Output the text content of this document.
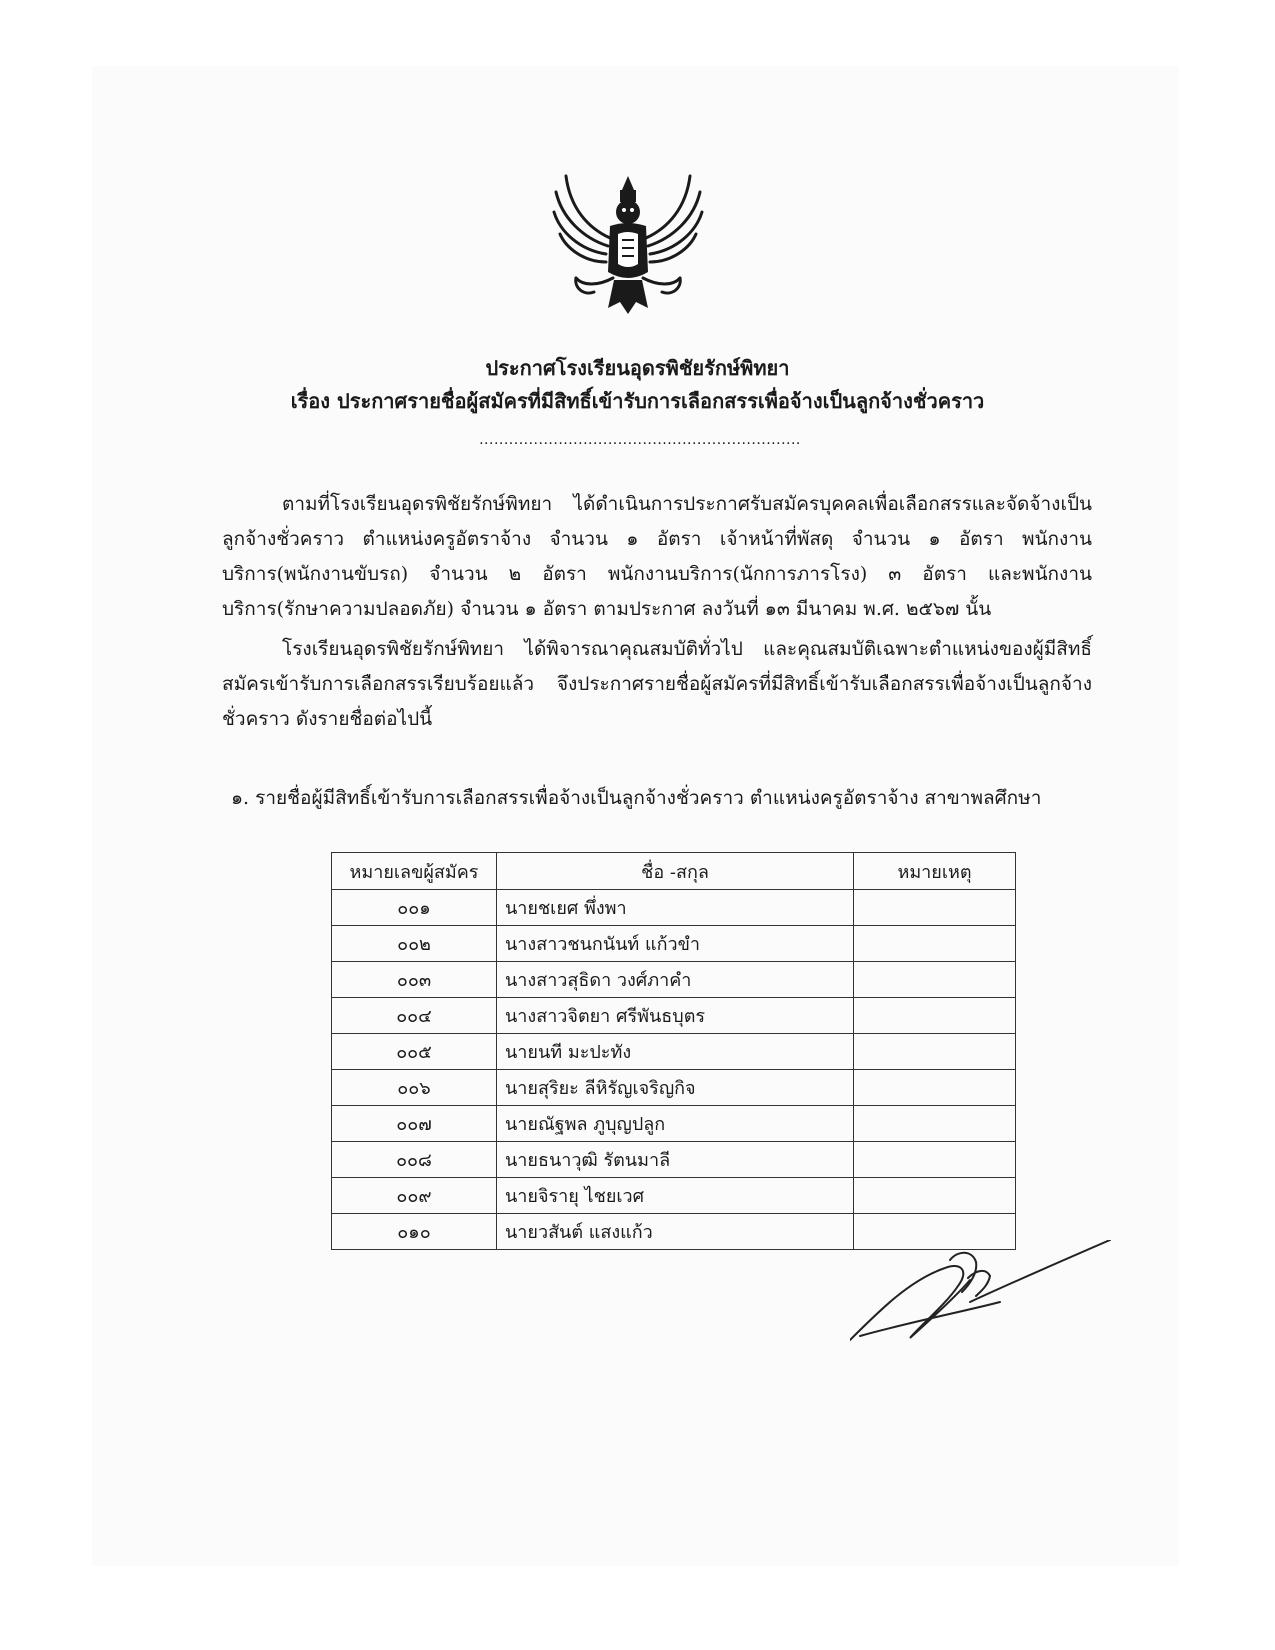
ประกาศโรงเรียนอุดรพิชัยรักษ์พิทยา
เรื่อง ประกาศรายชื่อผู้สมัครที่มีสิทธิ์เข้ารับการเลือกสรรเพื่อจ้างเป็นลูกจ้างชั่วคราว
.................................................................
ตามที่โรงเรียนอุดรพิชัยรักษ์พิทยา ได้ดำเนินการประกาศรับสมัครบุคคลเพื่อเลือกสรรและจัดจ้างเป็นลูกจ้างชั่วคราว ตำแหน่งครูอัตราจ้าง จำนวน ๑ อัตรา เจ้าหน้าที่พัสดุ จำนวน ๑ อัตรา พนักงานบริการ(พนักงานขับรถ) จำนวน ๒ อัตรา พนักงานบริการ(นักการภารโรง) ๓ อัตรา และพนักงานบริการ(รักษาความปลอดภัย) จำนวน ๑ อัตรา ตามประกาศ ลงวันที่ ๑๓ มีนาคม พ.ศ. ๒๕๖๗ นั้น
โรงเรียนอุดรพิชัยรักษ์พิทยา ได้พิจารณาคุณสมบัติทั่วไป และคุณสมบัติเฉพาะตำแหน่งของผู้มีสิทธิ์สมัครเข้ารับการเลือกสรรเรียบร้อยแล้ว จึงประกาศรายชื่อผู้สมัครที่มีสิทธิ์เข้ารับเลือกสรรเพื่อจ้างเป็นลูกจ้างชั่วคราว ดังรายชื่อต่อไปนี้
๑. รายชื่อผู้มีสิทธิ์เข้ารับการเลือกสรรเพื่อจ้างเป็นลูกจ้างชั่วคราว ตำแหน่งครูอัตราจ้าง สาขาพลศึกษา
หมายเลขผู้สมัคร	ชื่อ -สกุล	หมายเหตุ
๐๐๑	นายชเยศ พึ่งพา	
๐๐๒	นางสาวชนกนันท์ แก้วขำ	
๐๐๓	นางสาวสุธิดา วงศ์ภาคำ	
๐๐๔	นางสาวจิตยา ศรีพันธบุตร	
๐๐๕	นายนที มะปะทัง	
๐๐๖	นายสุริยะ ลีหิรัญเจริญกิจ	
๐๐๗	นายณัฐพล ภูบุญปลูก	
๐๐๘	นายธนาวุฒิ รัตนมาลี	
๐๐๙	นายจิรายุ ไชยเวศ	
๐๑๐	นายวสันต์ แสงแก้ว	
